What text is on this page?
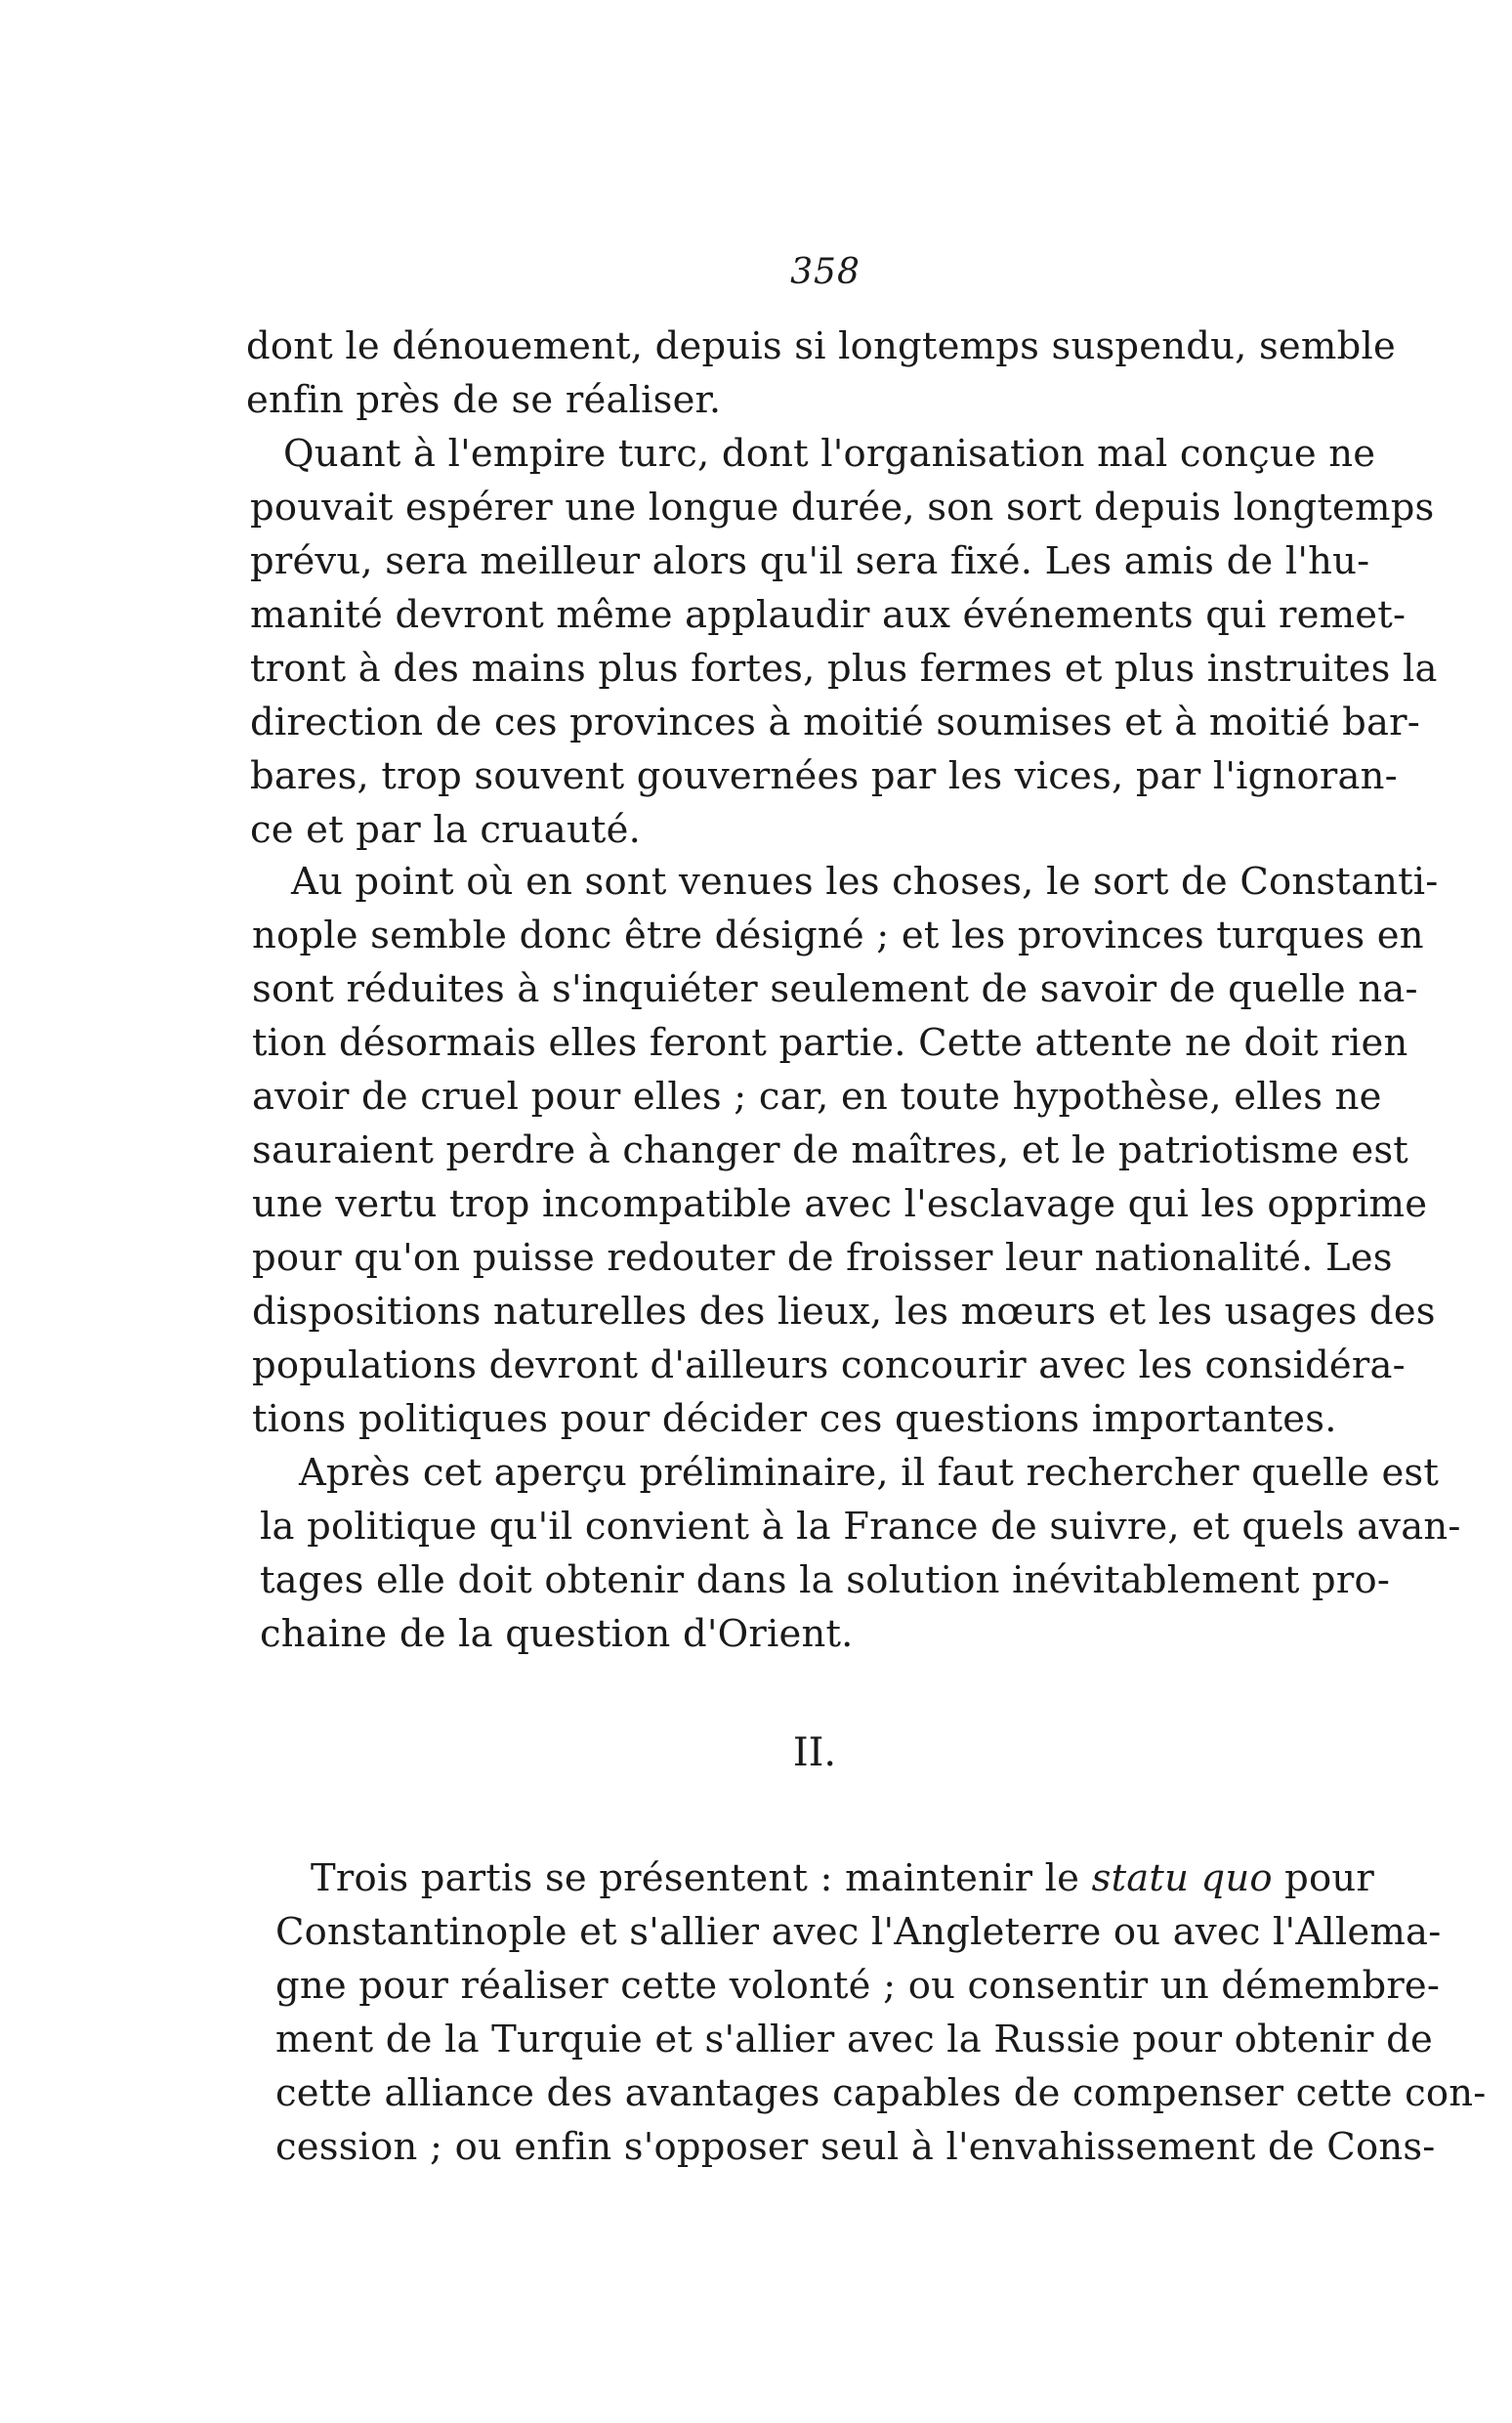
358
dont le dénouement, depuis si longtemps suspendu, semble
enfin près de se réaliser.
Quant à l'empire turc, dont l'organisation mal conçue ne
pouvait espérer une longue durée, son sort depuis longtemps
prévu, sera meilleur alors qu'il sera fixé. Les amis de l'hu-
manité devront même applaudir aux événements qui remet-
tront à des mains plus fortes, plus fermes et plus instruites la
direction de ces provinces à moitié soumises et à moitié bar-
bares, trop souvent gouvernées par les vices, par l'ignoran-
ce et par la cruauté.
Au point où en sont venues les choses, le sort de Constanti-
nople semble donc être désigné ; et les provinces turques en
sont réduites à s'inquiéter seulement de savoir de quelle na-
tion désormais elles feront partie. Cette attente ne doit rien
avoir de cruel pour elles ; car, en toute hypothèse, elles ne
sauraient perdre à changer de maîtres, et le patriotisme est
une vertu trop incompatible avec l'esclavage qui les opprime
pour qu'on puisse redouter de froisser leur nationalité. Les
dispositions naturelles des lieux, les mœurs et les usages des
populations devront d'ailleurs concourir avec les considéra-
tions politiques pour décider ces questions importantes.
Après cet aperçu préliminaire, il faut rechercher quelle est
la politique qu'il convient à la France de suivre, et quels avan-
tages elle doit obtenir dans la solution inévitablement pro-
chaine de la question d'Orient.
II.
Trois partis se présentent : maintenir le statu quo pour
Constantinople et s'allier avec l'Angleterre ou avec l'Allema-
gne pour réaliser cette volonté ; ou consentir un démembre-
ment de la Turquie et s'allier avec la Russie pour obtenir de
cette alliance des avantages capables de compenser cette con-
cession ; ou enfin s'opposer seul à l'envahissement de Cons-
